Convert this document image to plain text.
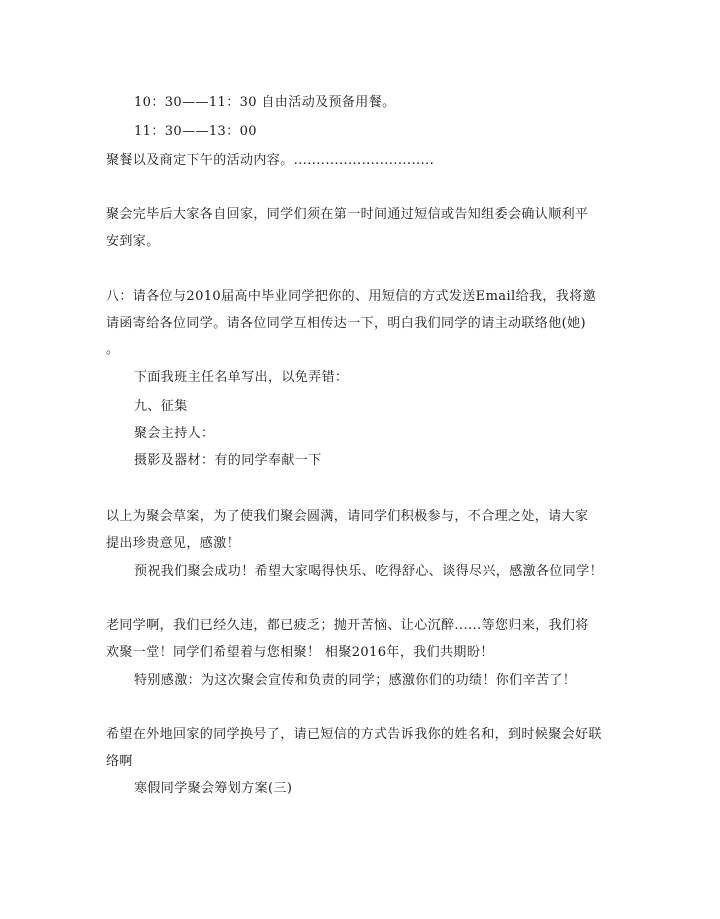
10：30——11：30 自由活动及预备用餐。
11：30——13：00
聚餐以及商定下午的活动内容。...............................
聚会完毕后大家各自回家，同学们须在第一时间通过短信或告知组委会确认顺利平
安到家。
八：请各位与2010届高中毕业同学把你的、用短信的方式发送Email给我，我将邀
请函寄给各位同学。请各位同学互相传达一下，明白我们同学的请主动联络他(她)
。
下面我班主任名单写出，以免弄错：
九、征集
聚会主持人：
摄影及器材：有的同学奉献一下
以上为聚会草案，为了使我们聚会圆满，请同学们积极参与，不合理之处，请大家
提出珍贵意见，感激！
预祝我们聚会成功！希望大家喝得快乐、吃得舒心、谈得尽兴，感激各位同学！
老同学啊，我们已经久违，都已疲乏；抛开苦恼、让心沉醉......等您归来，我们将
欢聚一堂！同学们希望着与您相聚！ 相聚2016年，我们共期盼！
特别感激：为这次聚会宣传和负责的同学；感激你们的功绩！你们辛苦了！
希望在外地回家的同学换号了，请已短信的方式告诉我你的姓名和，到时候聚会好联
络啊
寒假同学聚会筹划方案(三)
